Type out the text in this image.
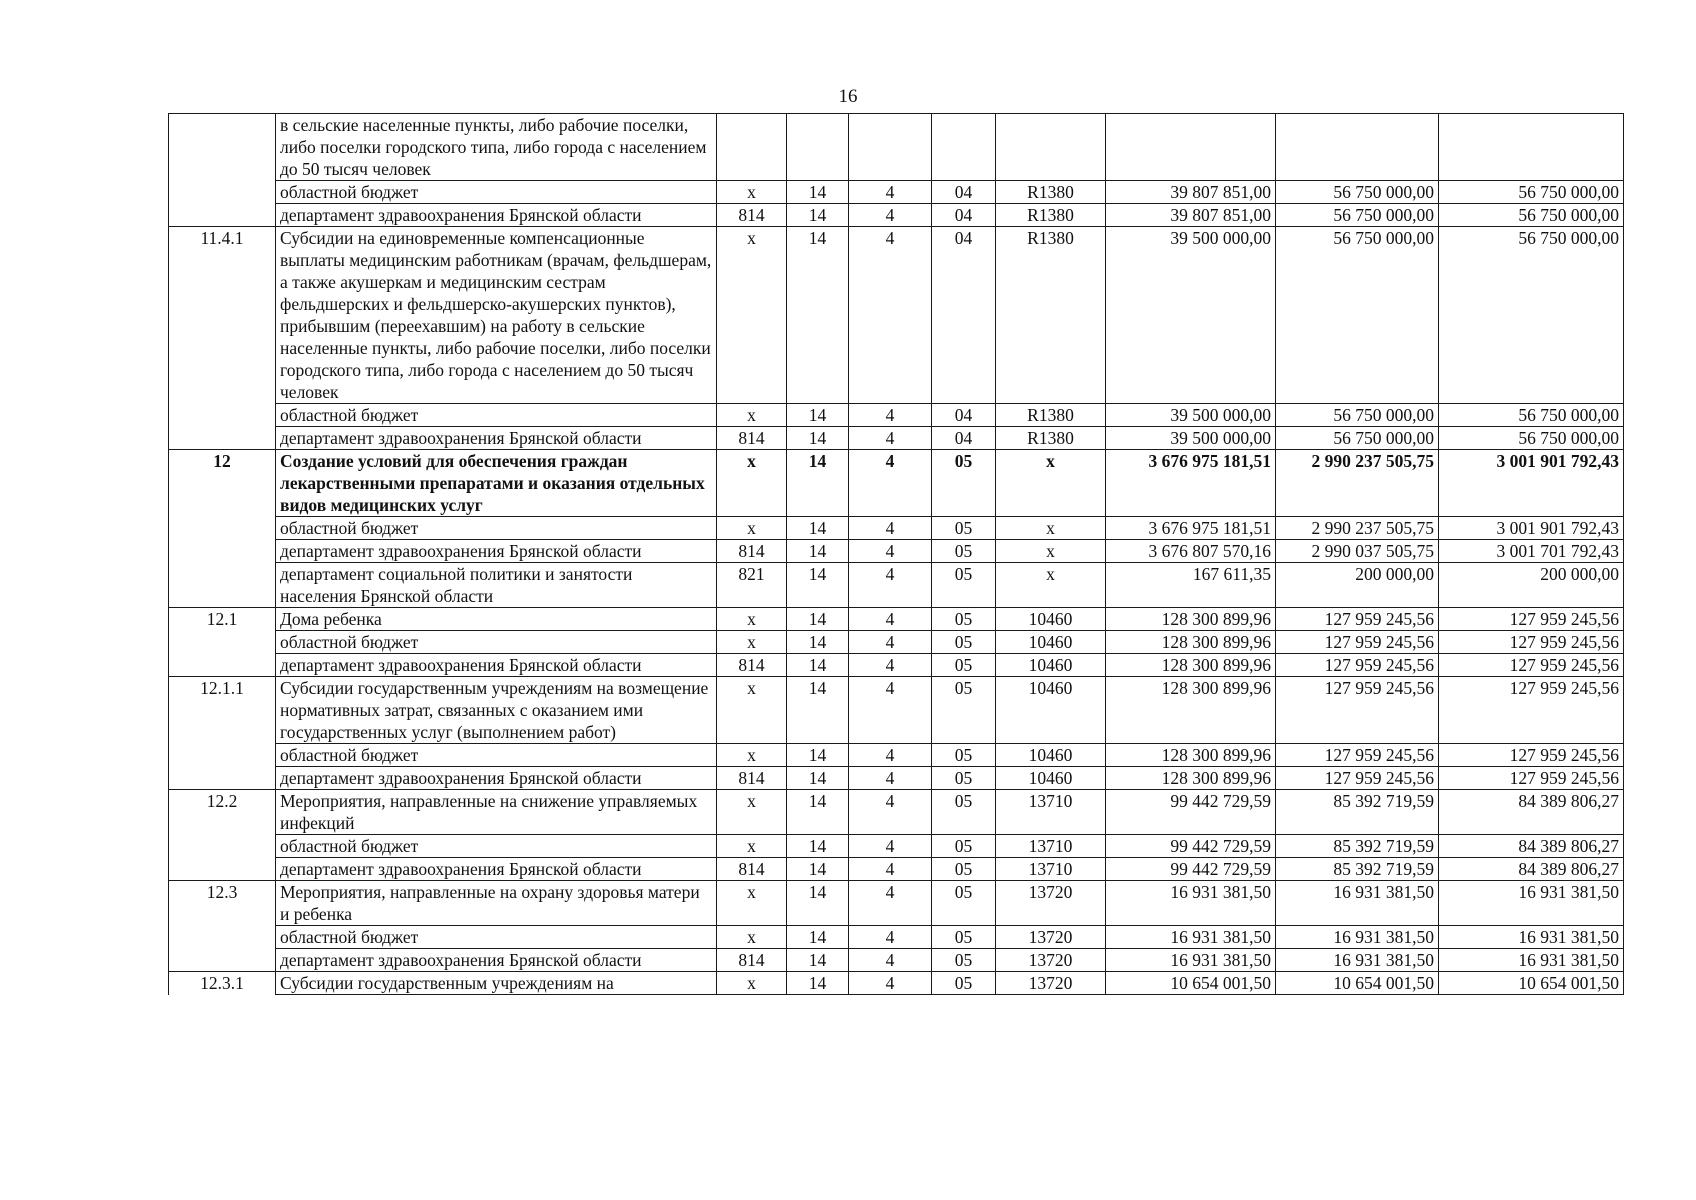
16
	в сельские населенные пункты, либо рабочие поселки, либо поселки городского типа, либо города с населением до 50 тысяч человек								
	областной бюджет	х	14	4	04	R1380	39 807 851,00	56 750 000,00	56 750 000,00
	департамент здравоохранения Брянской области	814	14	4	04	R1380	39 807 851,00	56 750 000,00	56 750 000,00
11.4.1	Субсидии на единовременные компенсационные выплаты медицинским работникам (врачам, фельдшерам, а также акушеркам и медицинским сестрам фельдшерских и фельдшерско-акушерских пунктов), прибывшим (переехавшим) на работу в сельские населенные пункты, либо рабочие поселки, либо поселки городского типа, либо города с населением до 50 тысяч человек	х	14	4	04	R1380	39 500 000,00	56 750 000,00	56 750 000,00
	областной бюджет	х	14	4	04	R1380	39 500 000,00	56 750 000,00	56 750 000,00
	департамент здравоохранения Брянской области	814	14	4	04	R1380	39 500 000,00	56 750 000,00	56 750 000,00
12	Создание условий для обеспечения граждан лекарственными препаратами и оказания отдельных видов медицинских услуг	х	14	4	05	х	3 676 975 181,51	2 990 237 505,75	3 001 901 792,43
	областной бюджет	х	14	4	05	х	3 676 975 181,51	2 990 237 505,75	3 001 901 792,43
	департамент здравоохранения Брянской области	814	14	4	05	х	3 676 807 570,16	2 990 037 505,75	3 001 701 792,43
	департамент социальной политики и занятости населения Брянской области	821	14	4	05	х	167 611,35	200 000,00	200 000,00
12.1	Дома ребенка	х	14	4	05	10460	128 300 899,96	127 959 245,56	127 959 245,56
	областной бюджет	х	14	4	05	10460	128 300 899,96	127 959 245,56	127 959 245,56
	департамент здравоохранения Брянской области	814	14	4	05	10460	128 300 899,96	127 959 245,56	127 959 245,56
12.1.1	Субсидии государственным учреждениям на возмещение нормативных затрат, связанных с оказанием ими государственных услуг (выполнением работ)	х	14	4	05	10460	128 300 899,96	127 959 245,56	127 959 245,56
	областной бюджет	х	14	4	05	10460	128 300 899,96	127 959 245,56	127 959 245,56
	департамент здравоохранения Брянской области	814	14	4	05	10460	128 300 899,96	127 959 245,56	127 959 245,56
12.2	Мероприятия, направленные на снижение управляемых инфекций	х	14	4	05	13710	99 442 729,59	85 392 719,59	84 389 806,27
	областной бюджет	х	14	4	05	13710	99 442 729,59	85 392 719,59	84 389 806,27
	департамент здравоохранения Брянской области	814	14	4	05	13710	99 442 729,59	85 392 719,59	84 389 806,27
12.3	Мероприятия, направленные на охрану здоровья матери и ребенка	х	14	4	05	13720	16 931 381,50	16 931 381,50	16 931 381,50
	областной бюджет	х	14	4	05	13720	16 931 381,50	16 931 381,50	16 931 381,50
	департамент здравоохранения Брянской области	814	14	4	05	13720	16 931 381,50	16 931 381,50	16 931 381,50
12.3.1	Субсидии государственным учреждениям на	х	14	4	05	13720	10 654 001,50	10 654 001,50	10 654 001,50
